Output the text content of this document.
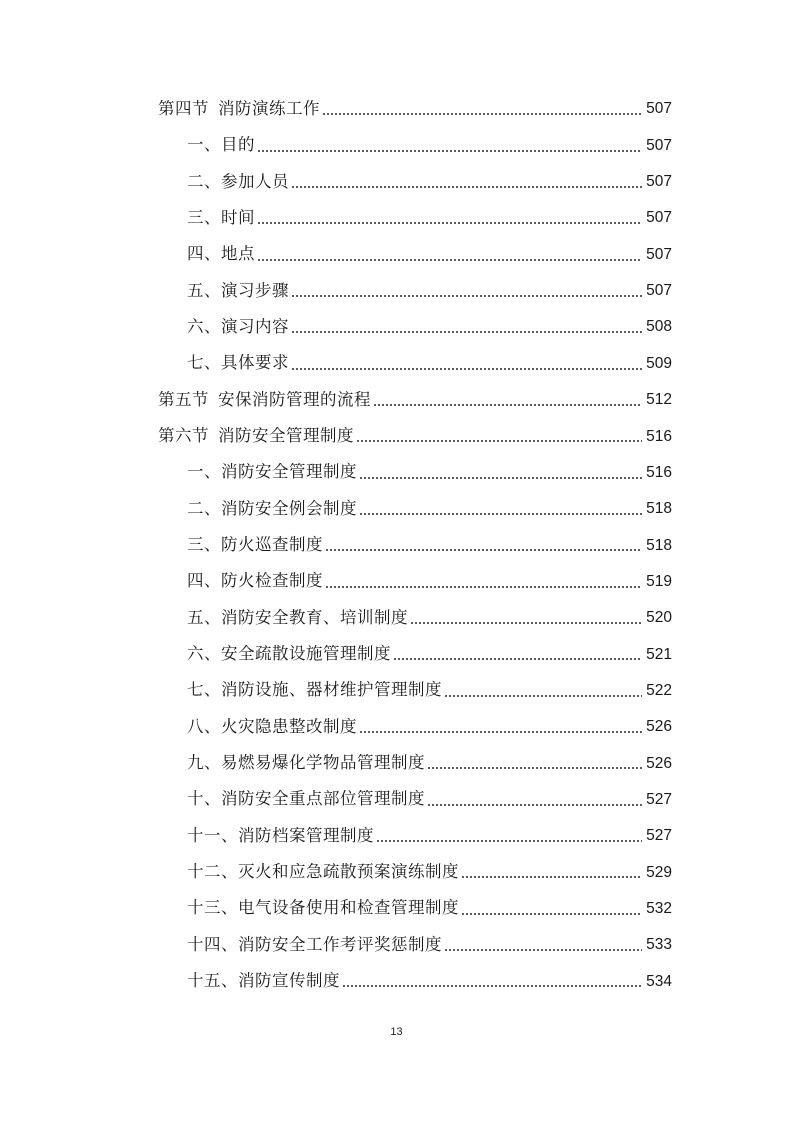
第四节 消防演练工作	507
一、目的	507
二、参加人员	507
三、时间	507
四、地点	507
五、演习步骤	507
六、演习内容	508
七、具体要求	509
第五节 安保消防管理的流程	512
第六节 消防安全管理制度	516
一、消防安全管理制度	516
二、消防安全例会制度	518
三、防火巡查制度	518
四、防火检查制度	519
五、消防安全教育、培训制度	520
六、安全疏散设施管理制度	521
七、消防设施、器材维护管理制度	522
八、火灾隐患整改制度	526
九、易燃易爆化学物品管理制度	526
十、消防安全重点部位管理制度	527
十一、消防档案管理制度	527
十二、灭火和应急疏散预案演练制度	529
十三、电气设备使用和检查管理制度	532
十四、消防安全工作考评奖惩制度	533
十五、消防宣传制度	534
13
